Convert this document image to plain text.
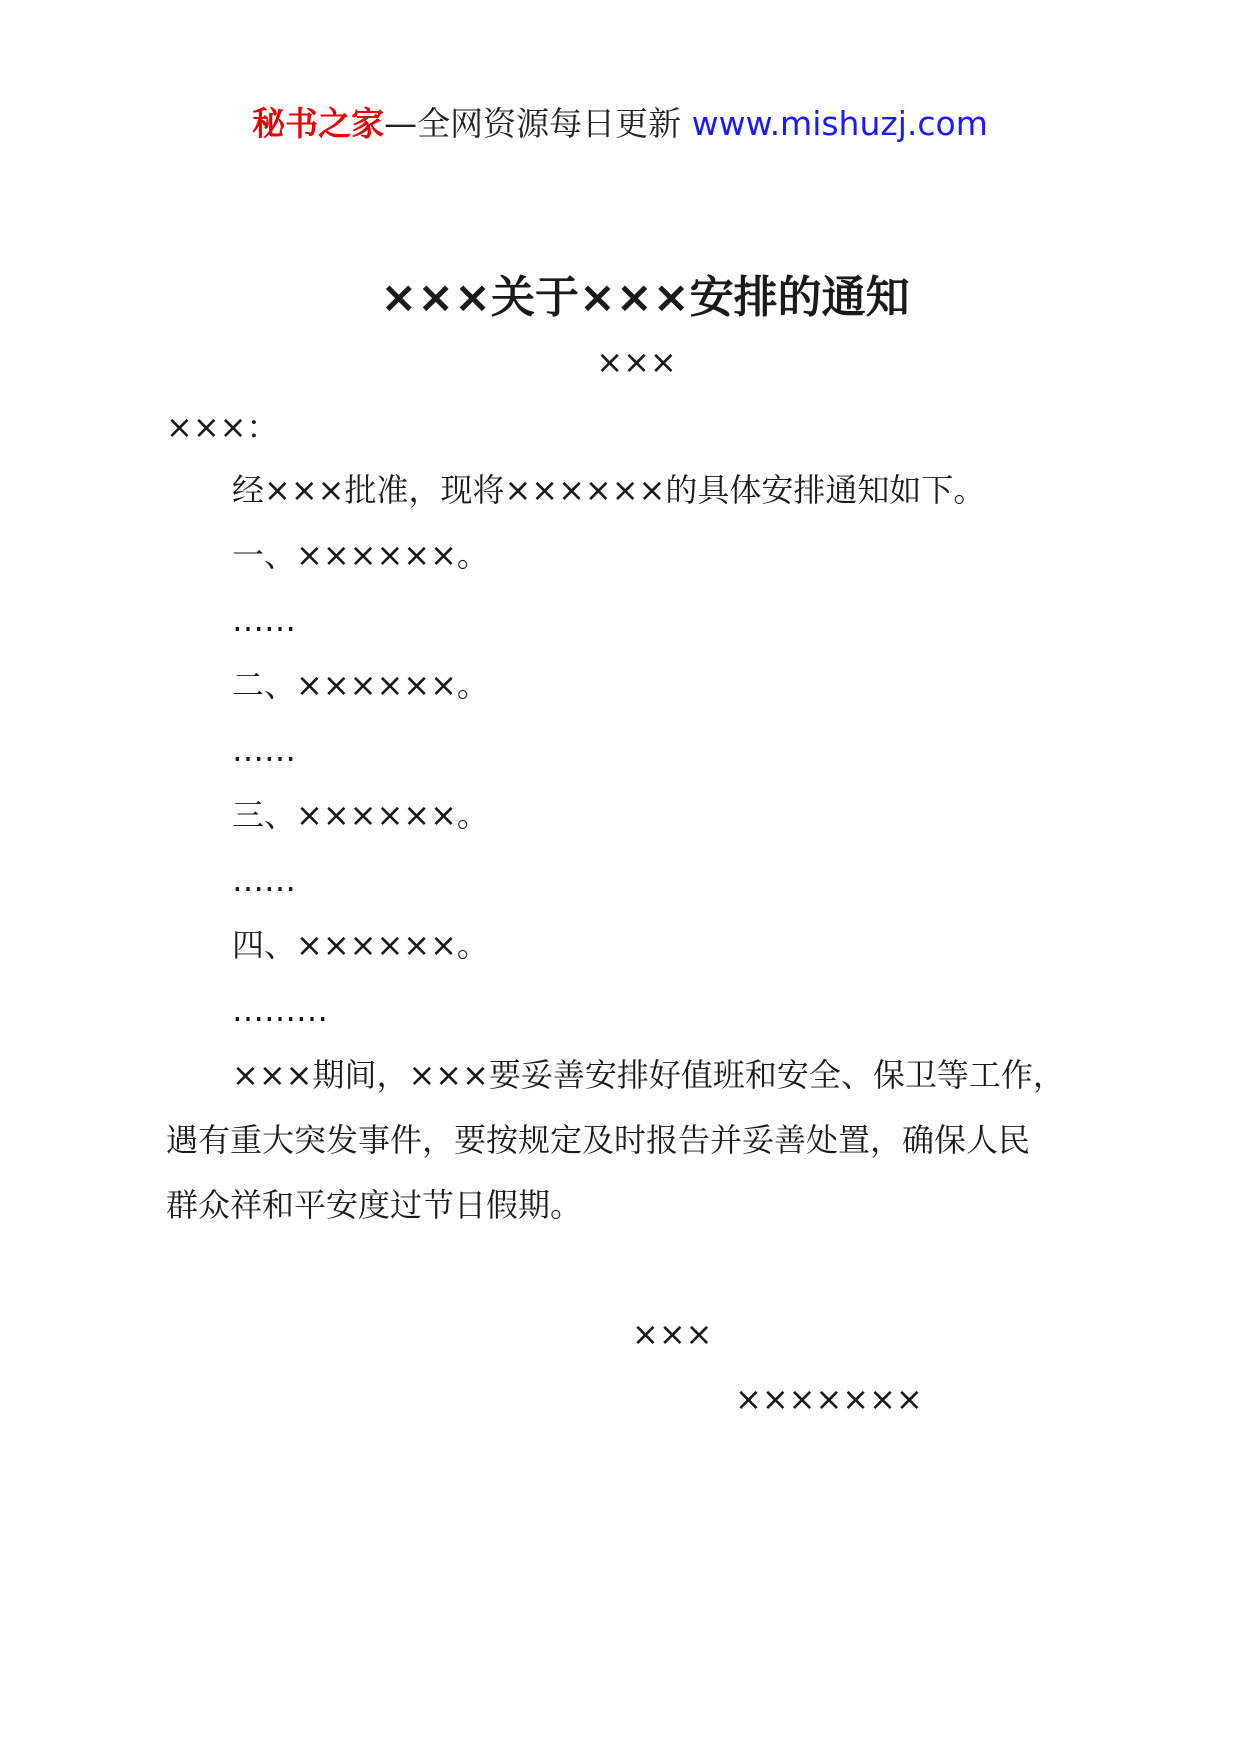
秘书之家—全网资源每日更新 www.mishuzj.com
×××关于×××安排的通知
×××
×××：
经×××批准，现将××××××的具体安排通知如下。
一、××××××。
……
二、××××××。
……
三、××××××。
……
四、××××××。
………
×××期间，×××要妥善安排好值班和安全、保卫等工作，
遇有重大突发事件，要按规定及时报告并妥善处置，确保人民
群众祥和平安度过节日假期。
×××
×××××××
